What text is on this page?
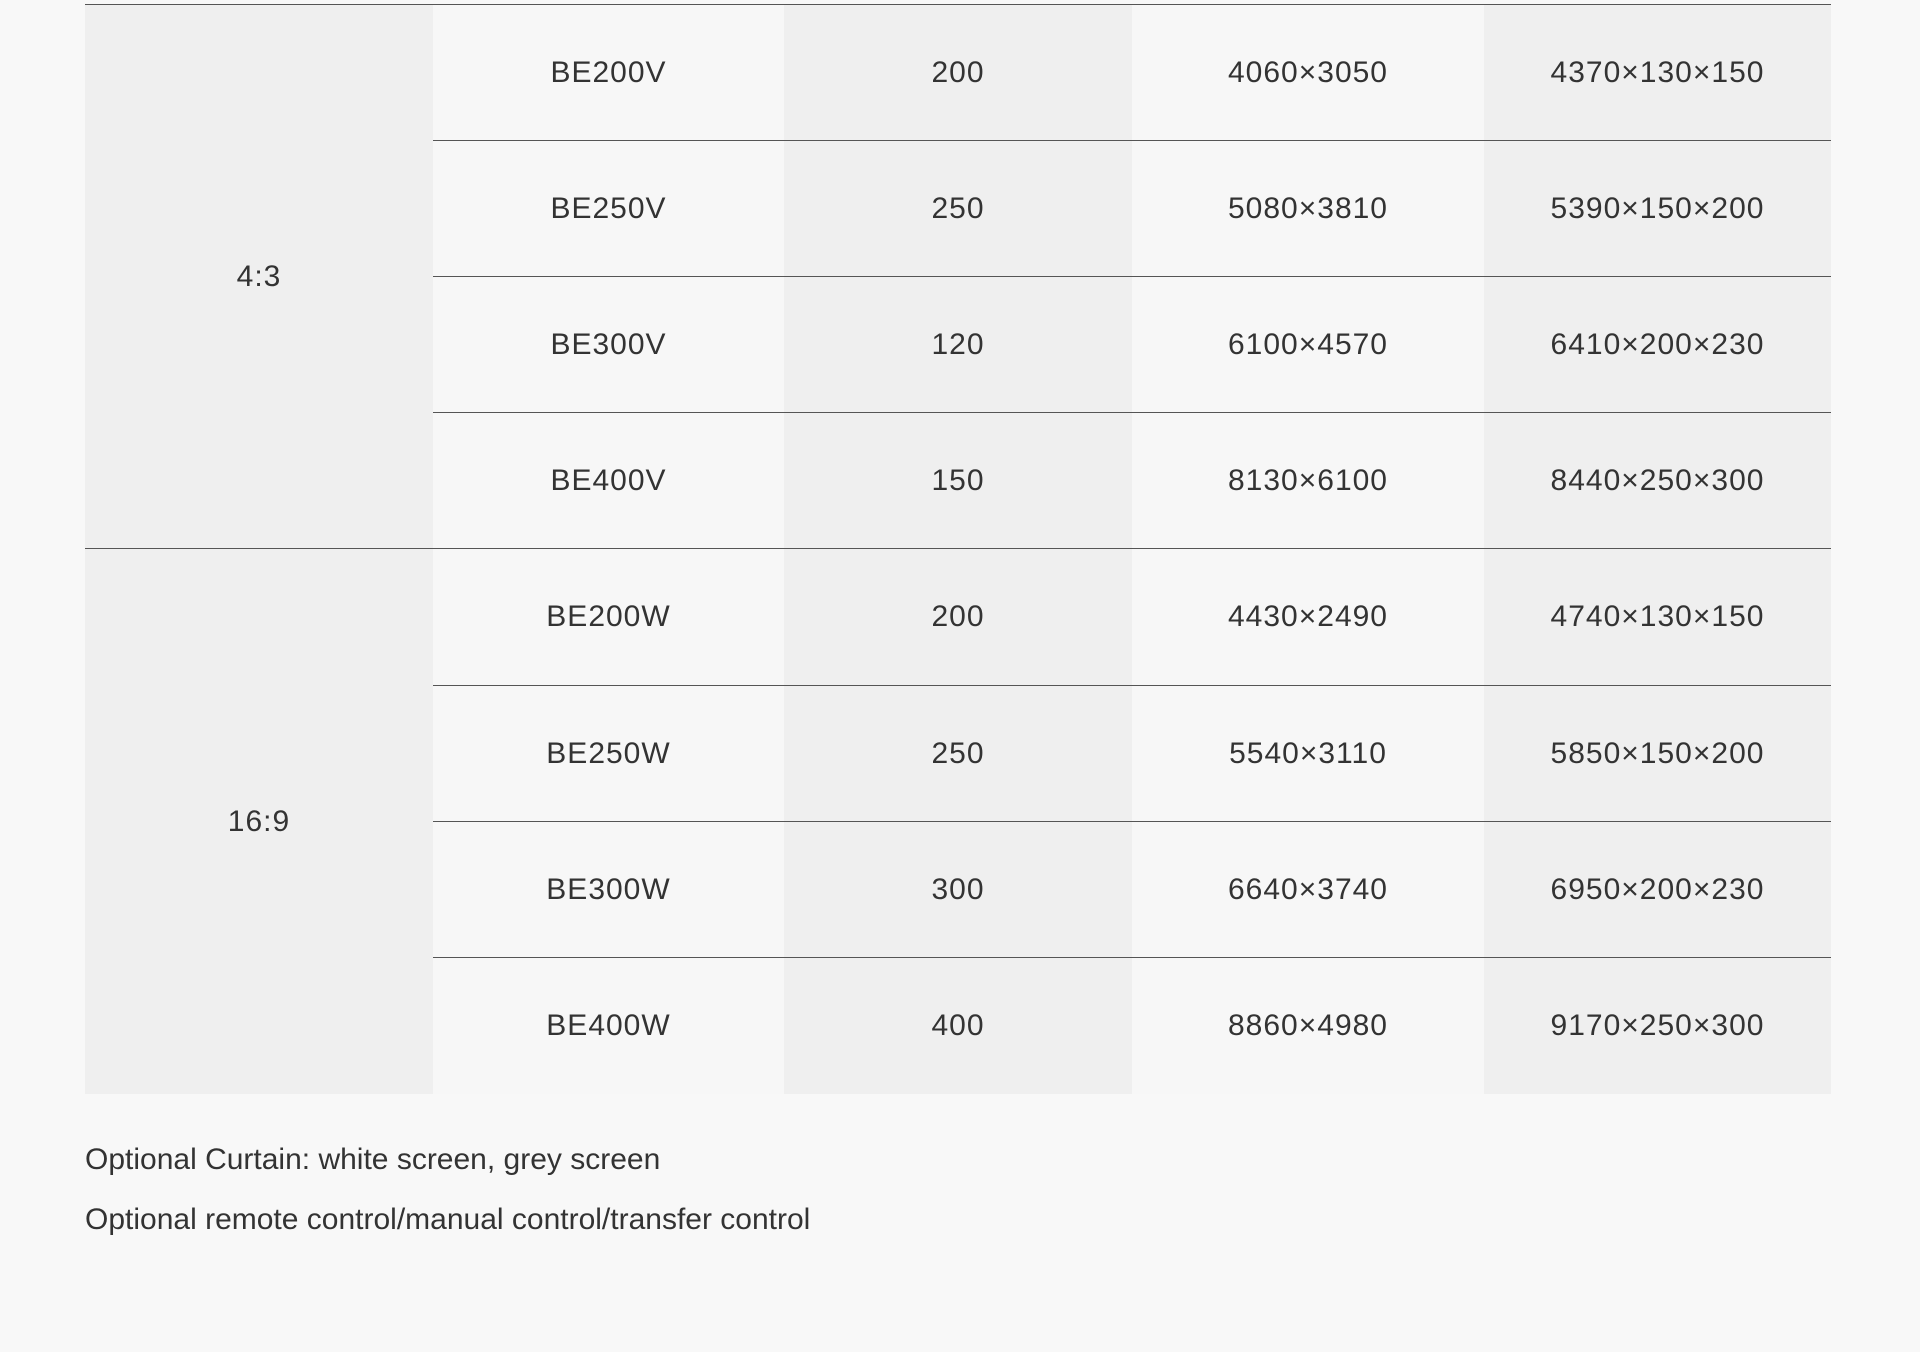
4:3	BE200V	200	4060×3050	4370×130×150
	BE250V	250	5080×3810	5390×150×200
	BE300V	120	6100×4570	6410×200×230
	BE400V	150	8130×6100	8440×250×300
16:9	BE200W	200	4430×2490	4740×130×150
	BE250W	250	5540×3110	5850×150×200
	BE300W	300	6640×3740	6950×200×230
	BE400W	400	8860×4980	9170×250×300

Optional Curtain: white screen, grey screen

Optional remote control/manual control/transfer control
